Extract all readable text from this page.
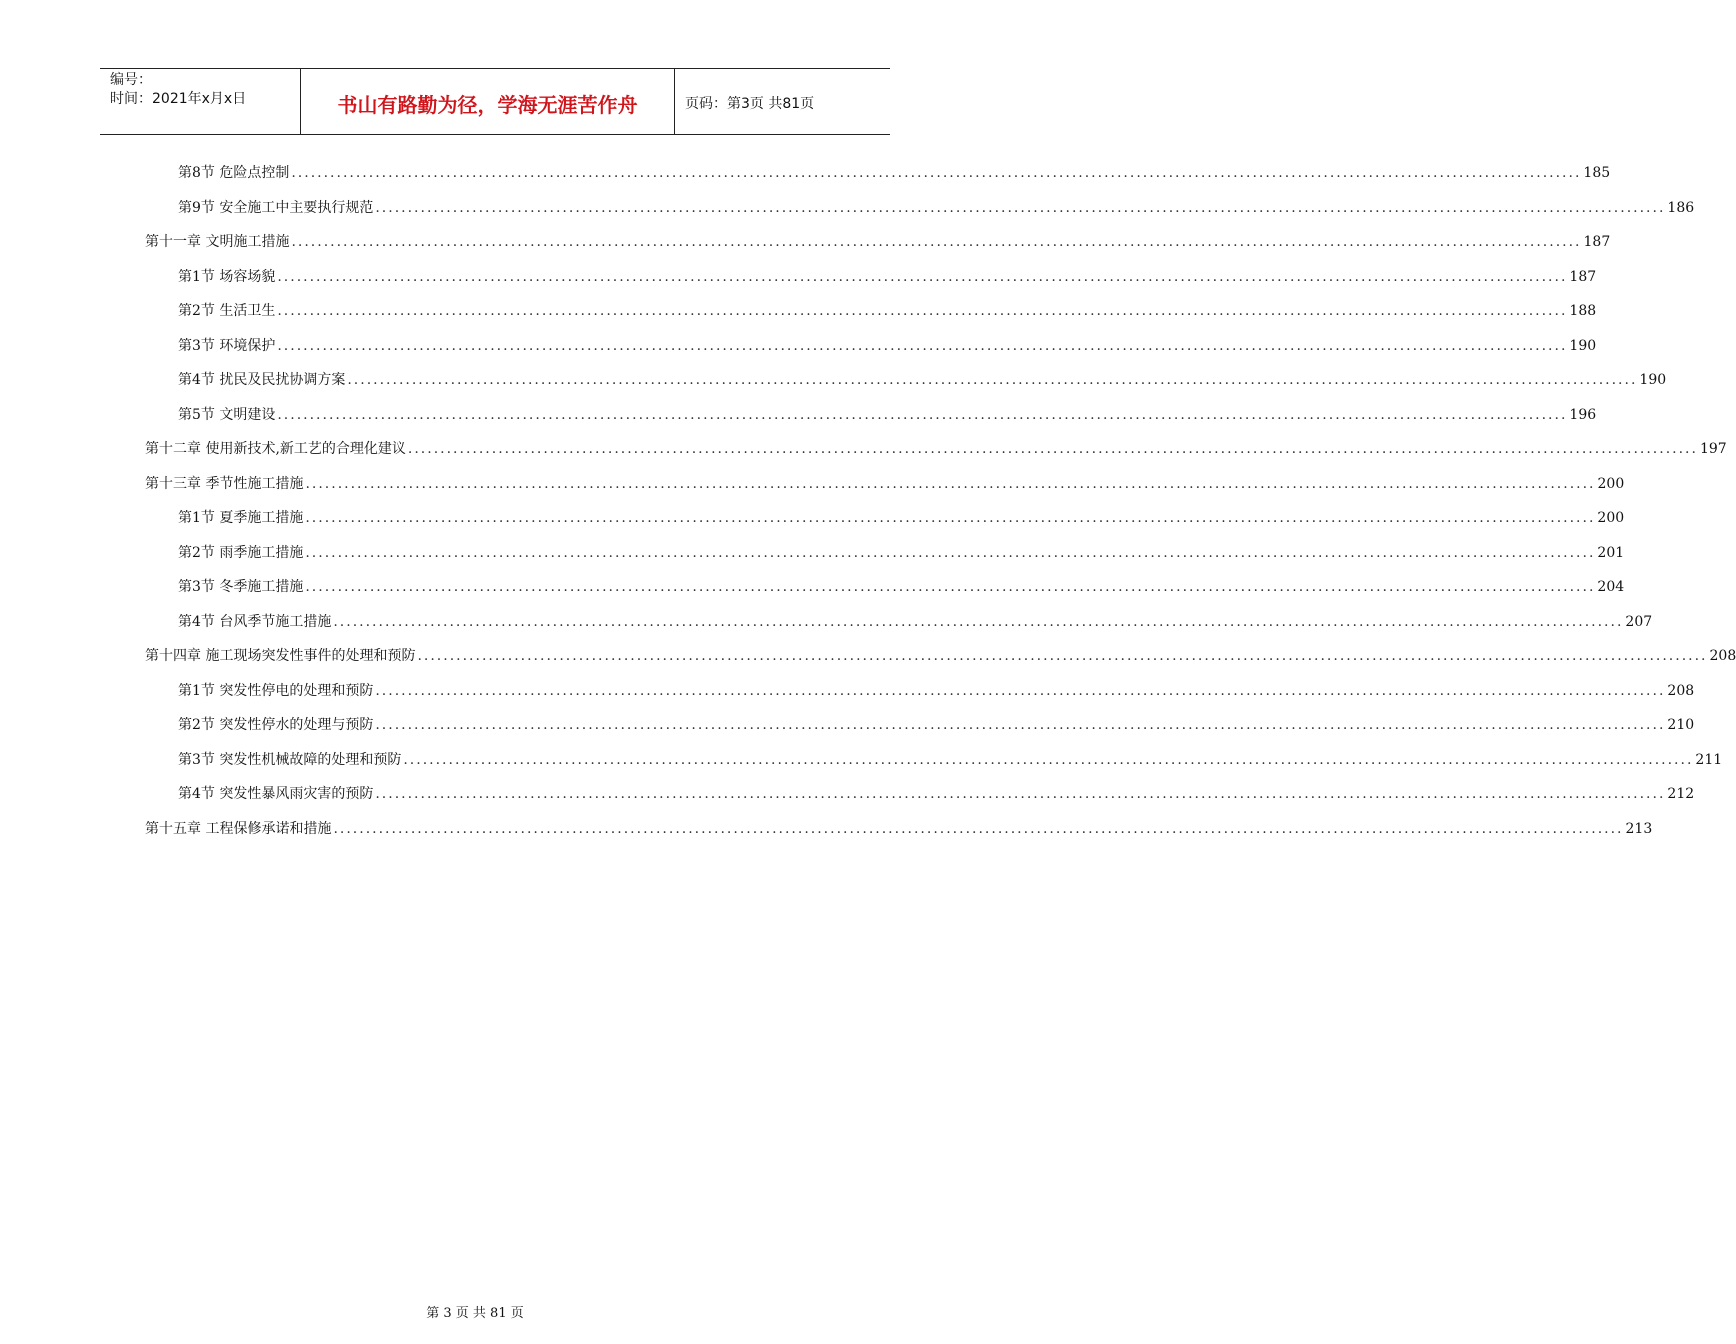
编号：
时间：2021年x月x日	书山有路勤为径，学海无涯苦作舟	页码：第3页 共81页
第8节 危险点控制 ........................................................................................................................................................................................................ 185
第9节 安全施工中主要执行规范 ........................................................................................................................................................................................................ 186
第十一章 文明施工措施 ........................................................................................................................................................................................................ 187
第1节 场容场貌 ........................................................................................................................................................................................................ 187
第2节 生活卫生 ........................................................................................................................................................................................................ 188
第3节 环境保护 ........................................................................................................................................................................................................ 190
第4节 扰民及民扰协调方案 ........................................................................................................................................................................................................ 190
第5节 文明建设 ........................................................................................................................................................................................................ 196
第十二章 使用新技术,新工艺的合理化建议 ........................................................................................................................................................................................................ 197
第十三章 季节性施工措施 ........................................................................................................................................................................................................ 200
第1节 夏季施工措施 ........................................................................................................................................................................................................ 200
第2节 雨季施工措施 ........................................................................................................................................................................................................ 201
第3节 冬季施工措施 ........................................................................................................................................................................................................ 204
第4节 台风季节施工措施 ........................................................................................................................................................................................................ 207
第十四章 施工现场突发性事件的处理和预防 ........................................................................................................................................................................................................ 208
第1节 突发性停电的处理和预防 ........................................................................................................................................................................................................ 208
第2节 突发性停水的处理与预防 ........................................................................................................................................................................................................ 210
第3节 突发性机械故障的处理和预防 ........................................................................................................................................................................................................ 211
第4节 突发性暴风雨灾害的预防 ........................................................................................................................................................................................................ 212
第十五章 工程保修承诺和措施 ........................................................................................................................................................................................................ 213
第 3 页 共 81 页
